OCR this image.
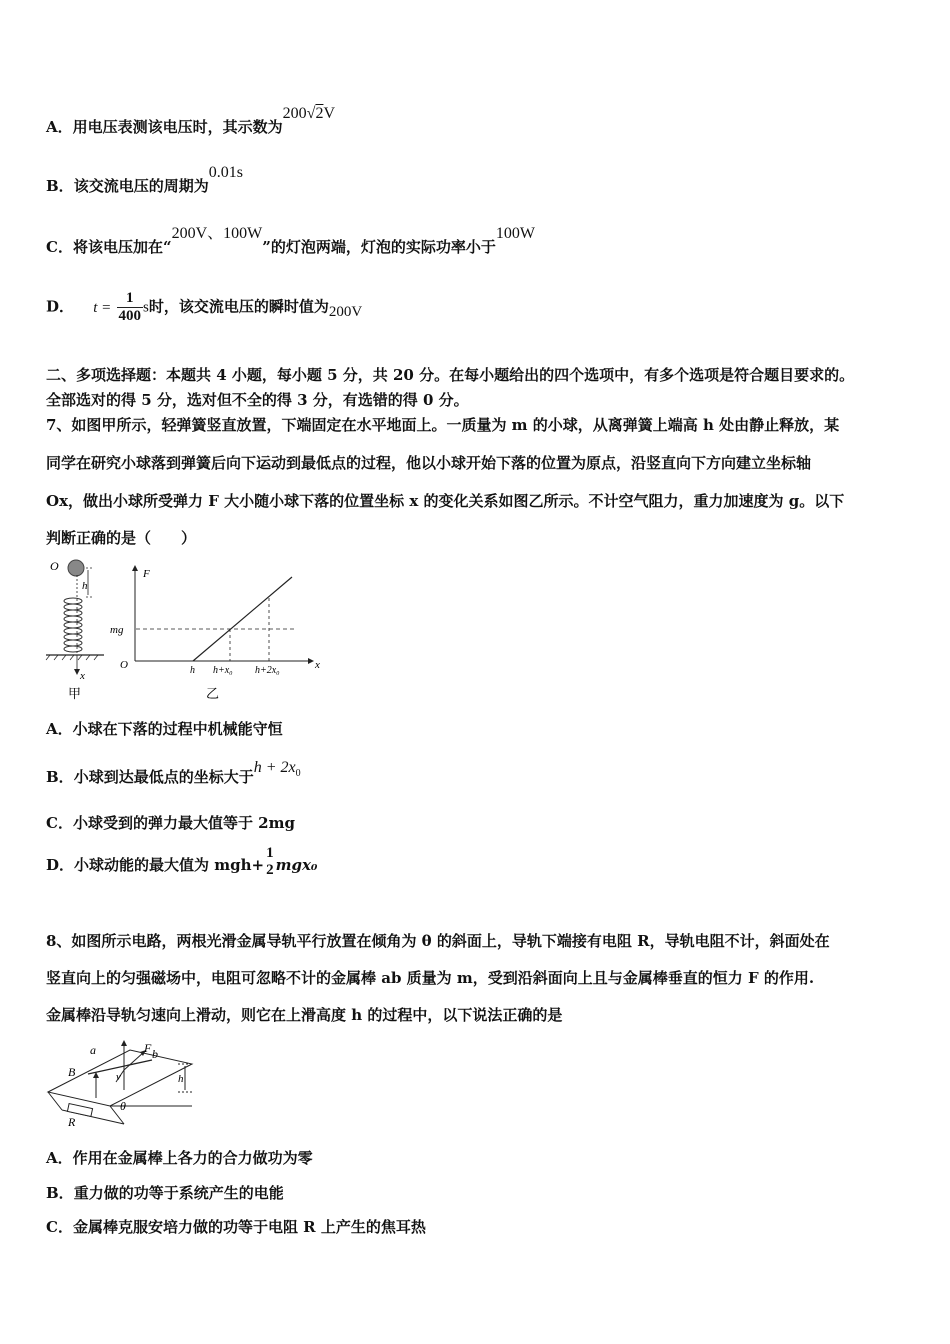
A．用电压表测该电压时，其示数为200√2V
B．该交流电压的周期为0.01s
C．将该电压加在“200V、100W”的灯泡两端，灯泡的实际功率小于100W
D． $t = \frac{1}{400}$ s时，该交流电压的瞬时值为200V
二、多项选择题：本题共 4 小题，每小题 5 分，共 20 分。在每小题给出的四个选项中，有多个选项是符合题目要求的。
全部选对的得 5 分，选对但不全的得 3 分，有选错的得 0 分。
7、如图甲所示，轻弹簧竖直放置，下端固定在水平地面上。一质量为 m 的小球，从离弹簧上端高 h 处由静止释放，某
同学在研究小球落到弹簧后向下运动到最低点的过程，他以小球开始下落的位置为原点，沿竖直向下方向建立坐标轴
Ox，做出小球所受弹力 F 大小随小球下落的位置坐标 x 的变化关系如图乙所示。不计空气阻力，重力加速度为 g。以下
判断正确的是（　　）
O
h
x
甲
F
O	x
mg
h h+x₀ h+2x₀
乙
A．小球在下落的过程中机械能守恒
B．小球到达最低点的坐标大于$h + 2x_0$
C．小球受到的弹力最大值等于 2mg
D．小球动能的最大值为 mgh+
1
2 mgx₀
8、如图所示电路，两根光滑金属导轨平行放置在倾角为 θ 的斜面上，导轨下端接有电阻 R，导轨电阻不计，斜面处在
竖直向上的匀强磁场中，电阻可忽略不计的金属棒 ab 质量为 m，受到沿斜面向上且与金属棒垂直的恒力 F 的作用.
金属棒沿导轨匀速向上滑动，则它在上滑高度 h 的过程中，以下说法正确的是
a	b
F
B	v	h
R
θ
A．作用在金属棒上各力的合力做功为零
B．重力做的功等于系统产生的电能
C．金属棒克服安培力做的功等于电阻 R 上产生的焦耳热
